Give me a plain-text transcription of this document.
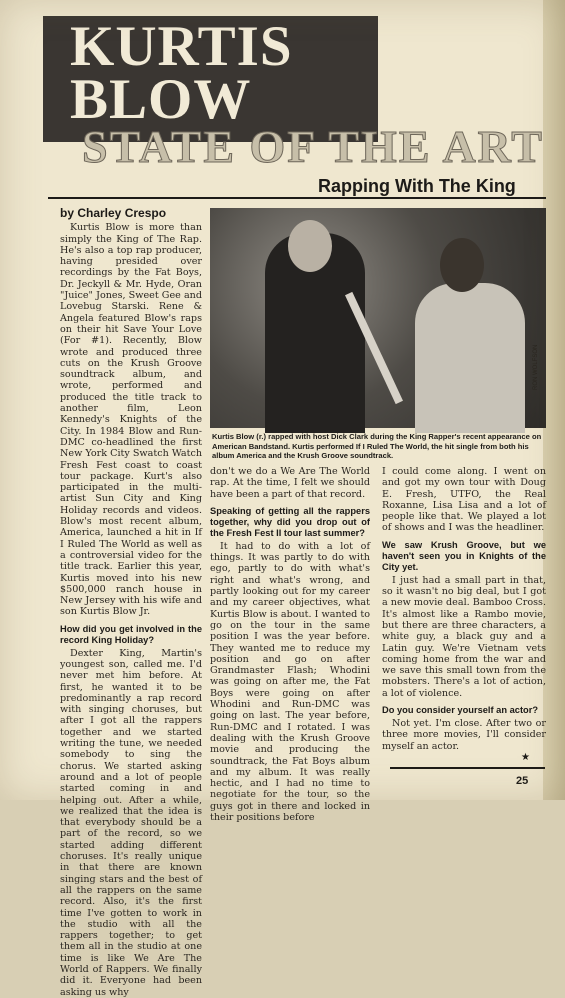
KURTIS
BLOW
STATE OF THE ART
Rapping With The King
by Charley Crespo

Kurtis Blow is more than simply the King of The Rap. He's also a top rap producer, having presided over recordings by the Fat Boys, Dr. Jeckyll & Mr. Hyde, Oran "Juice" Jones, Sweet Gee and Lovebug Starski. Rene & Angela featured Blow's raps on their hit Save Your Love (For #1). Recently, Blow wrote and produced three cuts on the Krush Groove soundtrack album, and wrote, performed and produced the title track to another film, Leon Kennedy's Knights of the City. In 1984 Blow and Run-DMC co-headlined the first New York City Swatch Watch Fresh Fest coast to coast tour package. Kurt's also participated in the multi-artist Sun City and King Holiday records and videos. Blow's most recent album, America, launched a hit in If I Ruled The World as well as a controversial video for the title track. Earlier this year, Kurtis moved into his new $500,000 ranch house in New Jersey with his wife and son Kurtis Blow Jr.

How did you get involved in the record King Holiday?

Dexter King, Martin's youngest son, called me. I'd never met him before. At first, he wanted it to be predominantly a rap record with singing choruses, but after I got all the rappers together and we started writing the tune, we needed somebody to sing the chorus. We started asking around and a lot of people started coming in and helping out. After a while, we realized that the idea is that everybody should be a part of the record, so we started adding different choruses. It's really unique in that there are known singing stars and the best of all the rappers on the same record. Also, it's the first time I've gotten to work in the studio with all the rappers together; to get them all in the studio at one time is like We Are The World of Rappers. We finally did it. Everyone had been asking us why

RON WOLFSON
Kurtis Blow (r.) rapped with host Dick Clark during the King Rapper's recent appearance on American Bandstand. Kurtis performed If I Ruled The World, the hit single from both his album America and the Krush Groove soundtrack.

don't we do a We Are The World rap. At the time, I felt we should have been a part of that record.

Speaking of getting all the rappers together, why did you drop out of the Fresh Fest II tour last summer?

It had to do with a lot of things. It was partly to do with ego, partly to do with what's right and what's wrong, and partly looking out for my career and my career objectives, what Kurtis Blow is about. I wanted to go on the tour in the same position I was the year before. They wanted me to reduce my position and go on after Grandmaster Flash; Whodini was going on after me, the Fat Boys were going on after Whodini and Run-DMC was going on last. The year before, Run-DMC and I rotated. I was dealing with the Krush Groove movie and producing the soundtrack, the Fat Boys album and my album. It was really hectic, and I had no time to negotiate for the tour, so the guys got in there and locked in their positions before

I could come along. I went on and got my own tour with Doug E. Fresh, UTFO, the Real Roxanne, Lisa Lisa and a lot of people like that. We played a lot of shows and I was the headliner.

We saw Krush Groove, but we haven't seen you in Knights of the City yet.

I just had a small part in that, so it wasn't no big deal, but I got a new movie deal. Bamboo Cross. It's almost like a Rambo movie, but there are three characters, a white guy, a black guy and a Latin guy. We're Vietnam vets coming home from the war and we save this small town from the mobsters. There's a lot of action, a lot of violence.

Do you consider yourself an actor?

Not yet. I'm close. After two or three more movies, I'll consider myself an actor.

★
25
